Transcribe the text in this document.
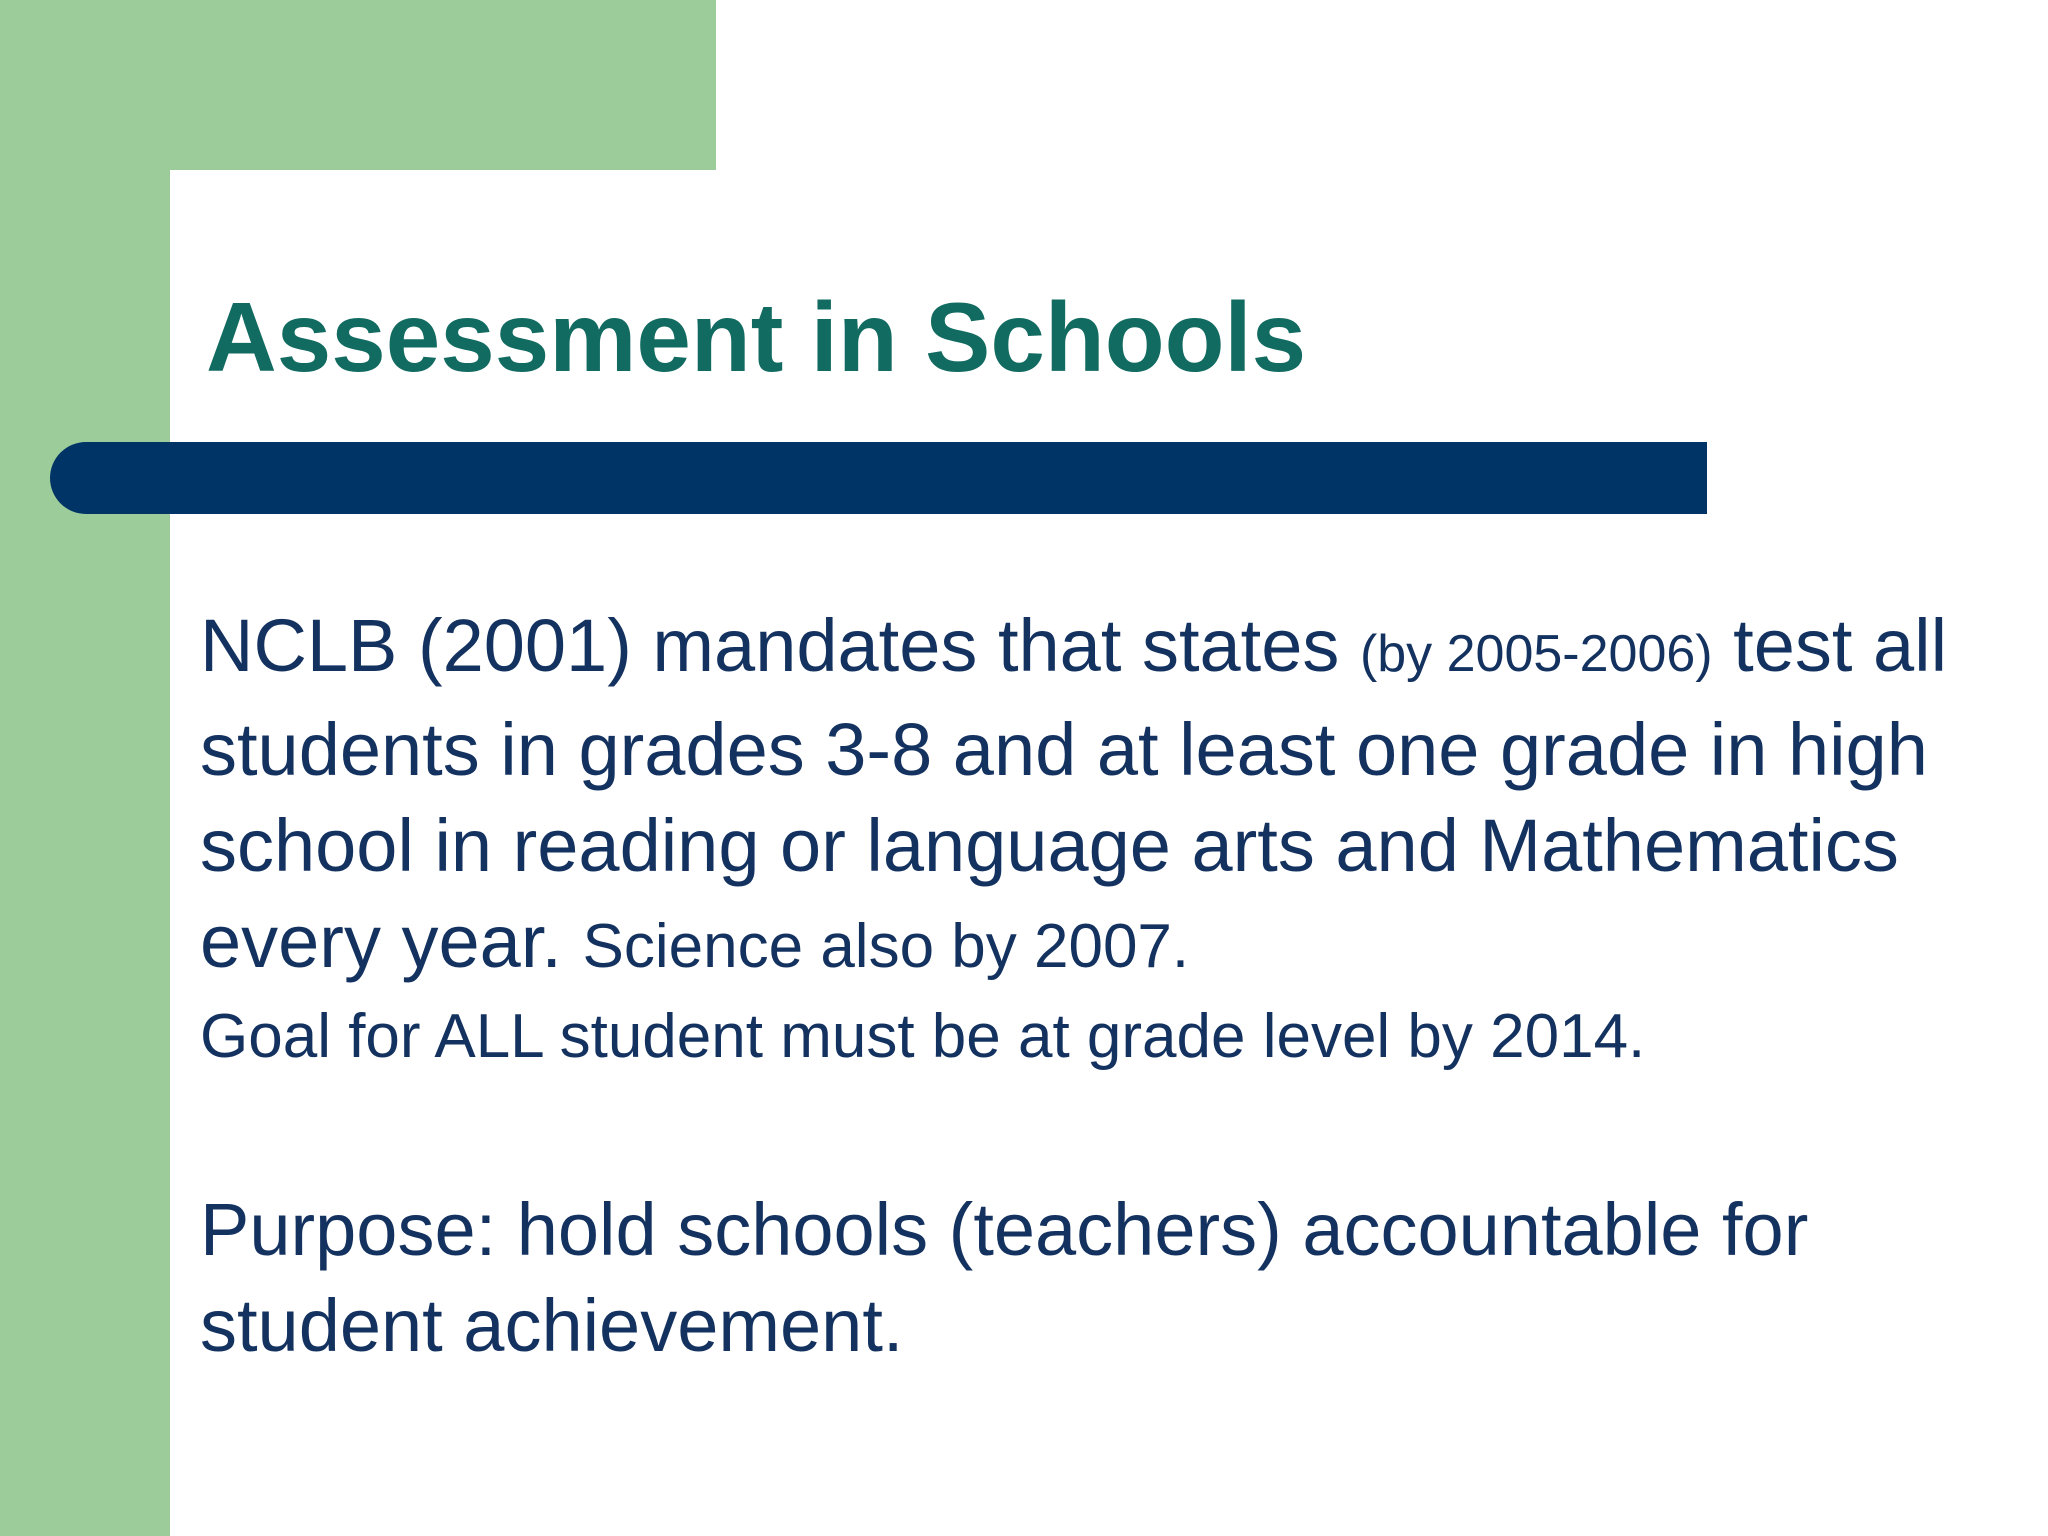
Assessment in Schools

NCLB (2001) mandates that states (by 2005-2006) test all students in grades 3-8 and at least one grade in high school in reading or language arts and Mathematics every year. Science also by 2007.

Goal for ALL student must be at grade level by 2014.

Purpose: hold schools (teachers) accountable for student achievement.
